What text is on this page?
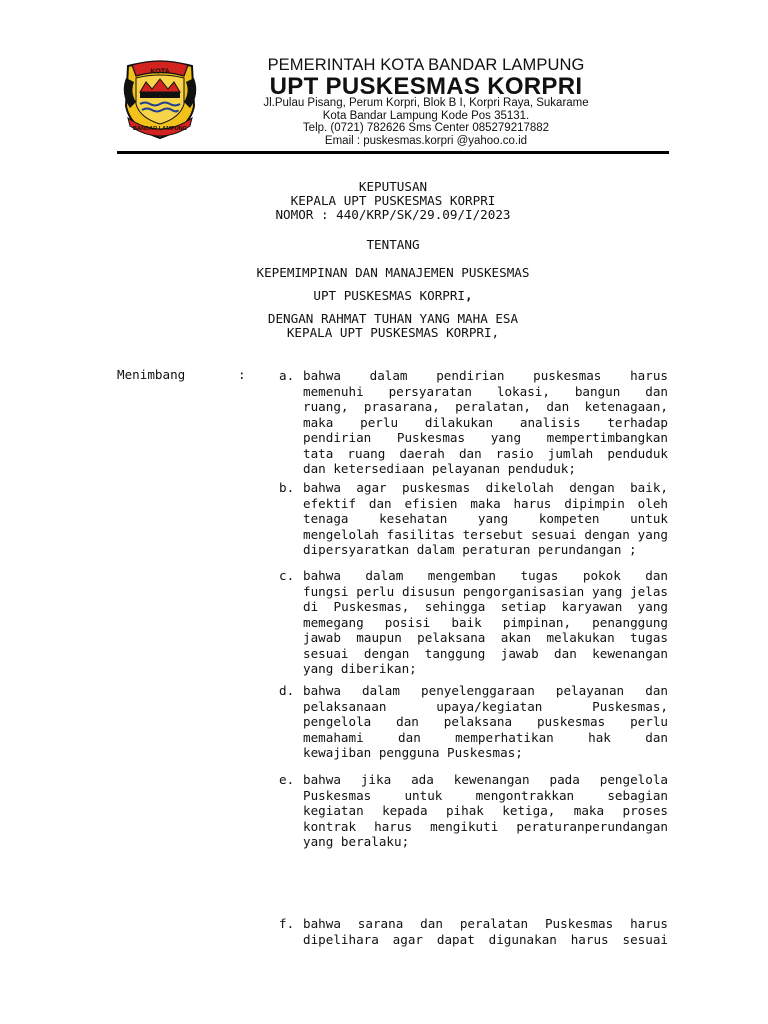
KOTA
BANDAR LAMPUNG
PEMERINTAH KOTA BANDAR LAMPUNG
UPT PUSKESMAS KORPRI
Jl.Pulau Pisang, Perum Korpri, Blok B I, Korpri Raya, Sukarame
Kota Bandar Lampung Kode Pos 35131.
Telp. (0721) 782626 Sms Center 085279217882
Email : puskesmas.korpri @yahoo.co.id
KEPUTUSAN
KEPALA UPT PUSKESMAS KORPRI
NOMOR : 440/KRP/SK/29.09/I/2023
TENTANG
KEPEMIMPINAN DAN MANAJEMEN PUSKESMAS
UPT PUSKESMAS KORPRI,
DENGAN RAHMAT TUHAN YANG MAHA ESA
KEPALA UPT PUSKESMAS KORPRI,
Menimbang	:	a. bahwa dalam pendirian puskesmas harus
memenuhi persyaratan lokasi, bangun dan
ruang, prasarana, peralatan, dan ketenagaan,
maka perlu dilakukan analisis terhadap
pendirian Puskesmas yang mempertimbangkan
tata ruang daerah dan rasio jumlah penduduk
dan ketersediaan pelayanan penduduk;
b. bahwa agar puskesmas dikelolah dengan baik,
efektif dan efisien maka harus dipimpin oleh
tenaga kesehatan yang kompeten untuk
mengelolah fasilitas tersebut sesuai dengan yang
dipersyaratkan dalam peraturan perundangan ;
c. bahwa dalam mengemban tugas pokok dan
fungsi perlu disusun pengorganisasian yang jelas
di Puskesmas, sehingga setiap karyawan yang
memegang posisi baik pimpinan, penanggung
jawab maupun pelaksana akan melakukan tugas
sesuai dengan tanggung jawab dan kewenangan
yang diberikan;
d. bahwa dalam penyelenggaraan pelayanan dan
pelaksanaan upaya/kegiatan Puskesmas,
pengelola dan pelaksana puskesmas perlu
memahami dan memperhatikan hak dan
kewajiban pengguna Puskesmas;
e. bahwa jika ada kewenangan pada pengelola
Puskesmas untuk mengontrakkan sebagian
kegiatan kepada pihak ketiga, maka proses
kontrak harus mengikuti peraturanperundangan
yang beralaku;
f. bahwa sarana dan peralatan Puskesmas harus
dipelihara agar dapat digunakan harus sesuai
